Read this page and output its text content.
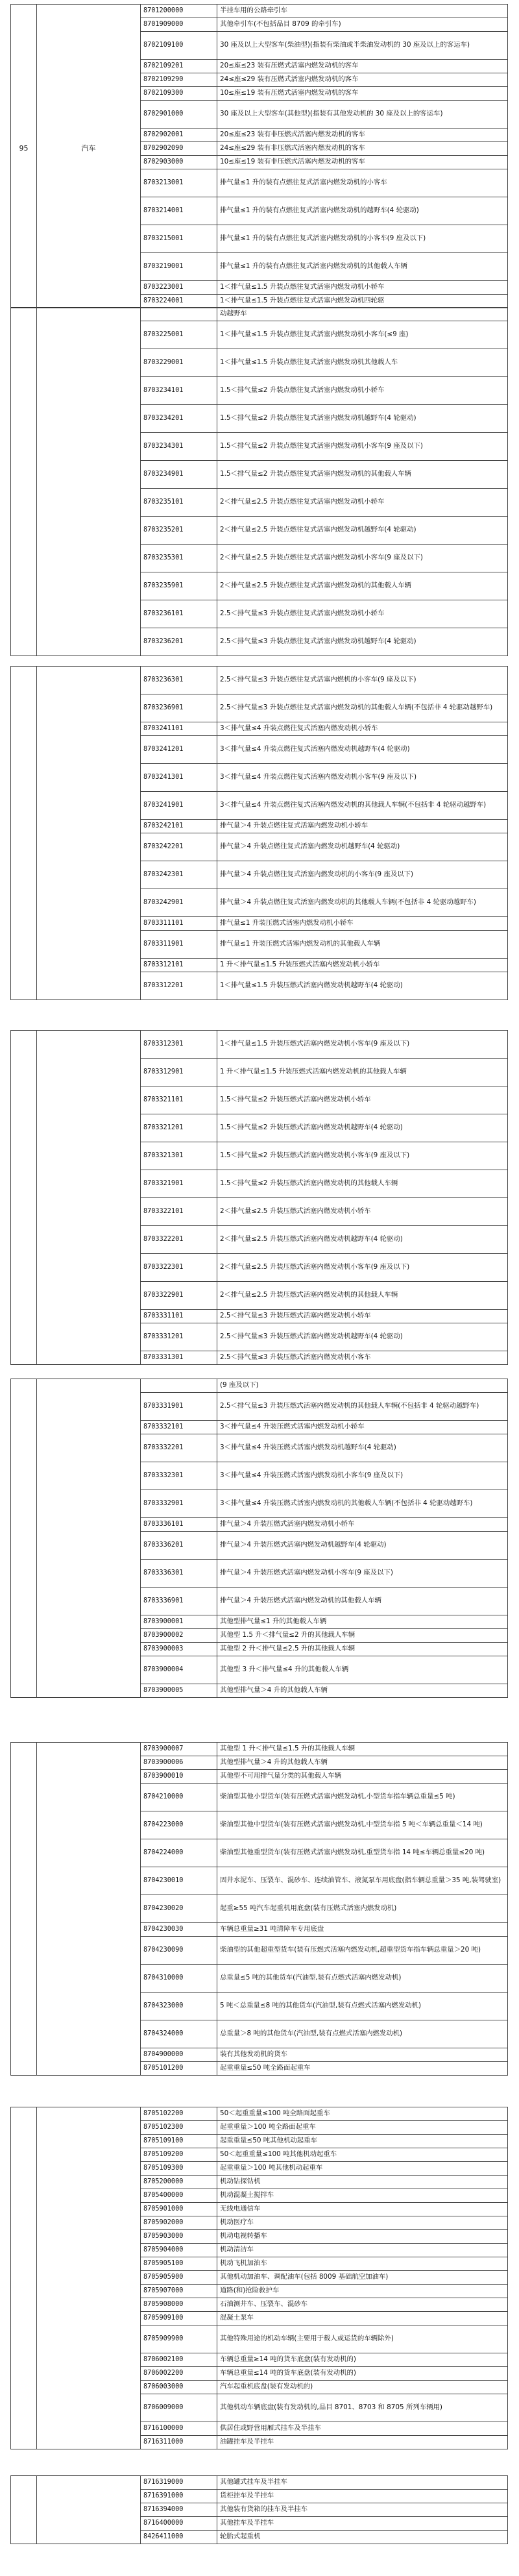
		8701200000	半挂车用的公路牵引车
		8701909000	其他牵引车(不包括品目 8709 的牵引车)
		8702109100	30 座及以上大型客车(柴油型)(指装有柴油或半柴油发动机的 30 座及以上的客运车)
		8702109201	20≤座≤23 装有压燃式活塞内燃发动机的客车
		8702109290	24≤座≤29 装有压燃式活塞内燃发动机的客车
		8702109300	10≤座≤19 装有压燃式活塞内燃发动机的客车
		8702901000	30 座及以上大型客车(其他型)(指装有其他发动机的 30 座及以上的客运车)
		8702902001	20≤座≤23 装有非压燃式活塞内燃发动机的客车
95	汽车	8702902090	24≤座≤29 装有非压燃式活塞内燃发动机的客车
		8702903000	10≤座≤19 装有非压燃式活塞内燃发动机的客车
		8703213001	排气量≤1 升的装有点燃往复式活塞内燃发动机的小客车
		8703214001	排气量≤1 升的装有点燃往复式活塞内燃发动机的越野车(4 轮驱动)
		8703215001	排气量≤1 升的装有点燃往复式活塞内燃发动机的小客车(9 座及以下)
		8703219001	排气量≤1 升的装有点燃往复式活塞内燃发动机的其他载人车辆
		8703223001	1＜排气量≤1.5 升装点燃往复式活塞内燃发动机小轿车
		8703224001	1＜排气量≤1.5 升装点燃往复式活塞内燃发动机四轮驱
			动越野车
		8703225001	1＜排气量≤1.5 升装点燃往复式活塞内燃发动机小客车(≤9 座)
		8703229001	1＜排气量≤1.5 升装点燃往复式活塞内燃发动机其他载人车
		8703234101	1.5＜排气量≤2 升装点燃往复式活塞内燃发动机小轿车
		8703234201	1.5＜排气量≤2 升装点燃往复式活塞内燃发动机越野车(4 轮驱动)
		8703234301	1.5＜排气量≤2 升装点燃往复式活塞内燃发动机小客车(9 座及以下)
		8703234901	1.5＜排气量≤2 升装点燃往复式活塞内燃发动机的其他载人车辆
		8703235101	2＜排气量≤2.5 升装点燃往复式活塞内燃发动机小轿车
		8703235201	2＜排气量≤2.5 升装点燃往复式活塞内燃发动机越野车(4 轮驱动)
		8703235301	2＜排气量≤2.5 升装点燃往复式活塞内燃发动机小客车(9 座及以下)
		8703235901	2＜排气量≤2.5 升装点燃往复式活塞内燃发动机的其他载人车辆
		8703236101	2.5＜排气量≤3 升装点燃往复式活塞内燃发动机小轿车
		8703236201	2.5＜排气量≤3 升装点燃往复式活塞内燃发动机越野车(4 轮驱动)
		8703236301	2.5＜排气量≤3 升装点燃往复式活塞内燃机的小客车(9 座及以下)
		8703236901	2.5＜排气量≤3 升装点燃往复式活塞内燃发动机的其他载人车辆(不包括非 4 轮驱动越野车)
		8703241101	3＜排气量≤4 升装点燃往复式活塞内燃发动机小轿车
		8703241201	3＜排气量≤4 升装点燃往复式活塞内燃发动机越野车(4 轮驱动)
		8703241301	3＜排气量≤4 升装点燃往复式活塞内燃发动机小客车(9 座及以下)
		8703241901	3＜排气量≤4 升装点燃往复式活塞内燃发动机的其他载人车辆(不包括非 4 轮驱动越野车)
		8703242101	排气量＞4 升装点燃往复式活塞内燃发动机小轿车
		8703242201	排气量＞4 升装点燃往复式活塞内燃发动机越野车(4 轮驱动)
		8703242301	排气量＞4 升装点燃往复式活塞内燃发动机的小客车(9 座及以下)
		8703242901	排气量＞4 升装点燃往复式活塞内燃发动机的其他载人车辆(不包括非 4 轮驱动越野车)
		8703311101	排气量≤1 升装压燃式活塞内燃发动机小轿车
		8703311901	排气量≤1 升装压燃式活塞内燃发动机的其他载人车辆
		8703312101	1 升＜排气量≤1.5 升装压燃式活塞内燃发动机小轿车
		8703312201	1＜排气量≤1.5 升装压燃式活塞内燃发动机越野车(4 轮驱动)
		8703312301	1＜排气量≤1.5 升装压燃式活塞内燃发动机小客车(9 座及以下)
		8703312901	1 升＜排气量≤1.5 升装压燃式活塞内燃发动机的其他载人车辆
		8703321101	1.5＜排气量≤2 升装压燃式活塞内燃发动机小轿车
		8703321201	1.5＜排气量≤2 升装压燃式活塞内燃发动机越野车(4 轮驱动)
		8703321301	1.5＜排气量≤2 升装压燃式活塞内燃发动机小客车(9 座及以下)
		8703321901	1.5＜排气量≤2 升装压燃式活塞内燃发动机的其他载人车辆
		8703322101	2＜排气量≤2.5 升装压燃式活塞内燃发动机小轿车
		8703322201	2＜排气量≤2.5 升装压燃式活塞内燃发动机越野车(4 轮驱动)
		8703322301	2＜排气量≤2.5 升装压燃式活塞内燃发动机小客车(9 座及以下)
		8703322901	2＜排气量≤2.5 升装压燃式活塞内燃发动机的其他载人车辆
		8703331101	2.5＜排气量≤3 升装压燃式活塞内燃发动机小轿车
		8703331201	2.5＜排气量≤3 升装压燃式活塞内燃发动机越野车(4 轮驱动)
		8703331301	2.5＜排气量≤3 升装压燃式活塞内燃发动机小客车
			(9 座及以下)
		8703331901	2.5＜排气量≤3 升装压燃式活塞内燃发动机的其他载人车辆(不包括非 4 轮驱动越野车)
		8703332101	3＜排气量≤4 升装压燃式活塞内燃发动机小轿车
		8703332201	3＜排气量≤4 升装压燃式活塞内燃发动机越野车(4 轮驱动)
		8703332301	3＜排气量≤4 升装压燃式活塞内燃发动机小客车(9 座及以下)
		8703332901	3＜排气量≤4 升装压燃式活塞内燃发动机的其他载人车辆(不包括非 4 轮驱动越野车)
		8703336101	排气量＞4 升装压燃式活塞内燃发动机小轿车
		8703336201	排气量＞4 升装压燃式活塞内燃发动机越野车(4 轮驱动)
		8703336301	排气量＞4 升装压燃式活塞内燃发动机小客车(9 座及以下)
		8703336901	排气量＞4 升装压燃式活塞内燃发动机的其他载人车辆
		8703900001	其他型排气量≤1 升的其他载人车辆
		8703900002	其他型 1.5 升＜排气量≤2 升的其他载人车辆
		8703900003	其他型 2 升＜排气量≤2.5 升的其他载人车辆
		8703900004	其他型 3 升＜排气量≤4 升的其他载人车辆
		8703900005	其他型排气量＞4 升的其他载人车辆
		8703900007	其他型 1 升＜排气量≤1.5 升的其他载人车辆
		8703900006	其他型排气量＞4 升的其他载人车辆
		8703900010	其他型不可用排气量分类的其他载人车辆
		8704210000	柴油型其他小型货车(装有压燃式活塞内燃发动机,小型货车指车辆总重量≤5 吨)
		8704223000	柴油型其他中型货车(装有压燃式活塞内燃发动机,中型货车指 5 吨＜车辆总重量＜14 吨)
		8704224000	柴油型其他重型货车(装有压燃式活塞内燃发动机,重型货车指 14 吨≤车辆总重量≤20 吨)
		8704230010	固井水泥车、压裂车、混砂车、连续油管车、液氮泵车用底盘(指车辆总重量＞35 吨,装驾驶室)
		8704230020	起重≥55 吨汽车起重机用底盘(装有压燃式活塞内燃发动机)
		8704230030	车辆总重量≥31 吨清障车专用底盘
		8704230090	柴油型的其他超重型货车(装有压燃式活塞内燃发动机,超重型货车指车辆总重量＞20 吨)
		8704310000	总重量≤5 吨的其他货车(汽油型,装有点燃式活塞内燃发动机)
		8704323000	5 吨＜总重量≤8 吨的其他货车(汽油型,装有点燃式活塞内燃发动机)
		8704324000	总重量＞8 吨的其他货车(汽油型,装有点燃式活塞内燃发动机)
		8704900000	装有其他发动机的货车
		8705101200	起重重量≤50 吨全路面起重车
		8705102200	50＜起重重量≤100 吨全路面起重车
		8705102300	起重重量＞100 吨全路面起重车
		8705109100	起重重量≤50 吨其他机动起重车
		8705109200	50＜起重重量≤100 吨其他机动起重车
		8705109300	起重重量＞100 吨其他机动起重车
		8705200000	机动钻探钻机
		8705400000	机动混凝土搅拌车
		8705901000	无线电通信车
		8705902000	机动医疗车
		8705903000	机动电视转播车
		8705904000	机动清洁车
		8705905100	机动飞机加油车
		8705905900	其他机动加油车、调配油车(包括 8009 基础航空加油车)
		8705907000	道路(和)抢险救护车
		8705908000	石油测井车、压裂车、混砂车
		8705909100	混凝土泵车
		8705909900	其他特殊用途的机动车辆(主要用于载人或运货的车辆除外)
		8706002100	车辆总重量≥14 吨的货车底盘(装有发动机的)
		8706002200	车辆总重量≤14 吨的货车底盘(装有发动机的)
		8706003000	汽车起重机底盘(装有发动机的)
		8706009000	其他机动车辆底盘(装有发动机的,品目 8701、8703 和 8705 所列车辆用)
		8716100000	供居住或野营用厢式挂车及半挂车
		8716311000	油罐挂车及半挂车
		8716319000	其他罐式挂车及半挂车
		8716391000	货柜挂车及半挂车
		8716394000	其他装有货箱的挂车及半挂车
		8716400000	其他挂车及半挂车
		8426411000	轮胎式起重机
